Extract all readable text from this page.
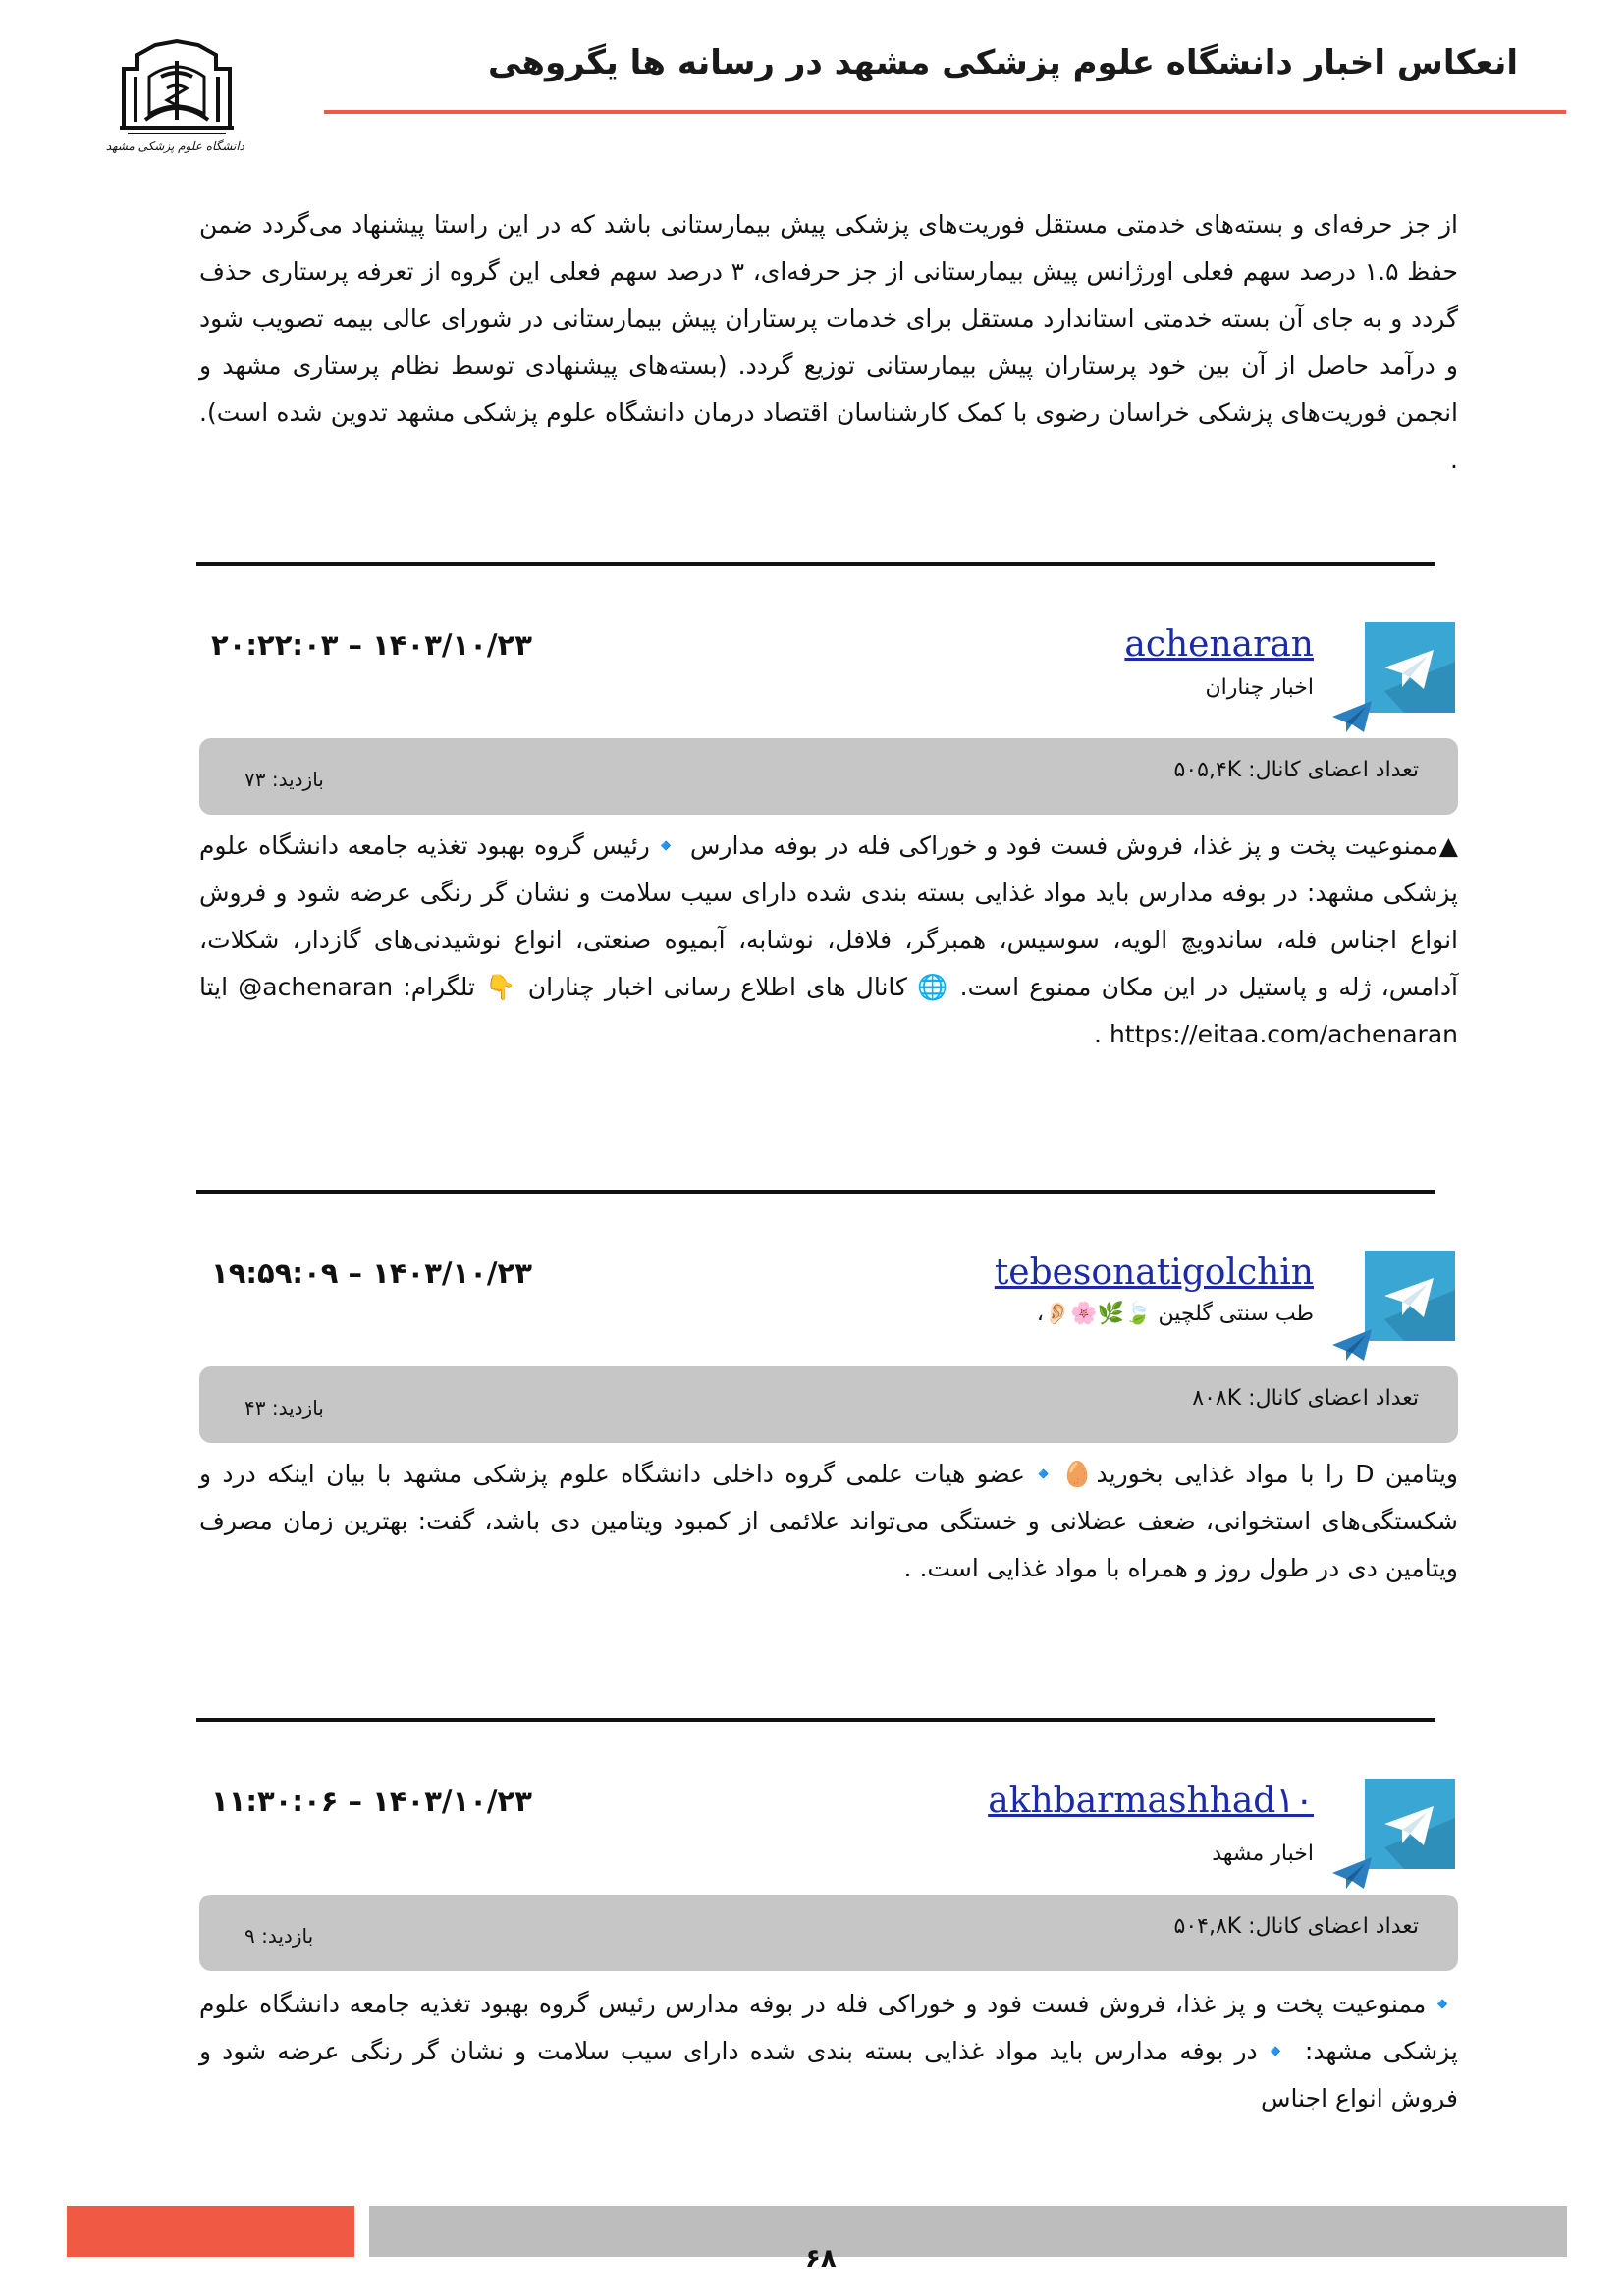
انعکاس اخبار دانشگاه علوم پزشکی مشهد در رسانه ها یگروهی
دانشگاه علوم پزشکی مشهد
از جز حرفه‌ای و بسته‌های خدمتی مستقل فوریت‌های پزشکی پیش بیمارستانی باشد که در این راستا پیشنهاد می‌گردد ضمن حفظ ۱.۵ درصد سهم فعلی اورژانس پیش بیمارستانی از جز حرفه‌ای، ۳ درصد سهم فعلی این گروه از تعرفه پرستاری حذف گردد و به جای آن بسته خدمتی استاندارد مستقل برای خدمات پرستاران پیش بیمارستانی در شورای عالی بیمه تصویب شود و درآمد حاصل از آن بین خود پرستاران پیش بیمارستانی توزیع گردد. (بسته‌های پیشنهادی توسط نظام پرستاری مشهد و انجمن فوریت‌های پزشکی خراسان رضوی با کمک کارشناسان اقتصاد درمان دانشگاه علوم پزشکی مشهد تدوین شده است). .
۱۴۰۳/۱۰/۲۳ – ۲۰:۲۲:۰۳	achenaran
اخبار چناران
تعداد اعضای کانال: ۵۰۵,۴K
بازدید: ۷۳
▲ممنوعیت پخت و پز غذا، فروش فست فود و خوراکی فله در بوفه مدارس 🔹رئیس گروه بهبود تغذیه جامعه دانشگاه علوم پزشکی مشهد: در بوفه مدارس باید مواد غذایی بسته بندی شده دارای سیب سلامت و نشان گر رنگی عرضه شود و فروش انواع اجناس فله، ساندویچ الویه، سوسیس، همبرگر، فلافل، نوشابه، آبمیوه صنعتی، انواع نوشیدنی‌های گازدار، شکلات، آدامس، ژله و پاستیل در این مکان ممنوع است. 🌐 کانال های اطلاع رسانی اخبار چناران 👇 تلگرام: achenaran@ ایتا https://eitaa.com/achenaran .
۱۴۰۳/۱۰/۲۳ – ۱۹:۵۹:۰۹	tebesonatigolchin
طب سنتی گلچین 🍃🌿🌸👂🏻،
تعداد اعضای کانال: ۸۰۸K
بازدید: ۴۳
ویتامین D را با مواد غذایی بخورید🥚🔹عضو هیات علمی گروه داخلی دانشگاه علوم پزشکی مشهد با بیان اینکه درد و شکستگی‌های استخوانی، ضعف عضلانی و خستگی می‌تواند علائمی از کمبود ویتامین دی باشد، گفت: بهترین زمان مصرف ویتامین دی در طول روز و همراه با مواد غذایی است. .
۱۴۰۳/۱۰/۲۳ – ۱۱:۳۰:۰۶	akhbarmashhad۱۰
اخبار مشهد
تعداد اعضای کانال: ۵۰۴,۸K
بازدید: ۹
🔹ممنوعیت پخت و پز غذا، فروش فست فود و خوراکی فله در بوفه مدارس رئیس گروه بهبود تغذیه جامعه دانشگاه علوم پزشکی مشهد: 🔹در بوفه مدارس باید مواد غذایی بسته بندی شده دارای سیب سلامت و نشان گر رنگی عرضه شود و فروش انواع اجناس
۶۸
